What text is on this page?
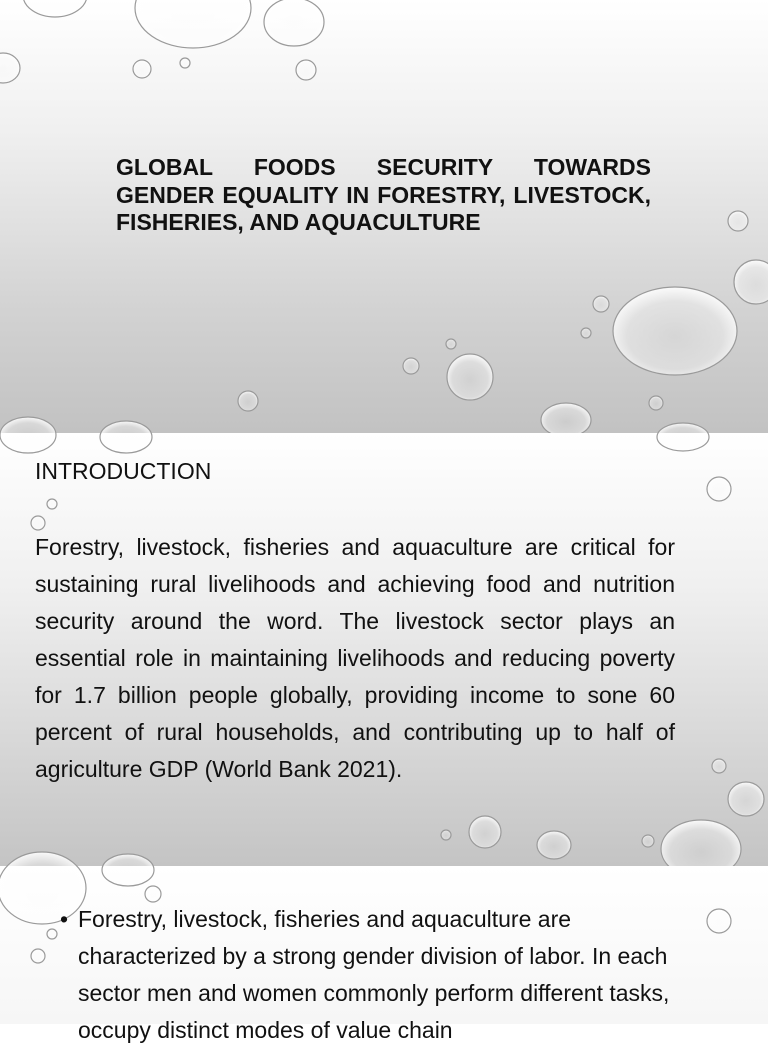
GLOBAL FOODS SECURITY TOWARDS GENDER EQUALITY IN FORESTRY, LIVESTOCK, FISHERIES, AND AQUACULTURE
INTRODUCTION

Forestry, livestock, fisheries and aquaculture are critical for sustaining rural livelihoods and achieving food and nutrition security around the word. The livestock sector plays an essential role in maintaining livelihoods and reducing poverty for 1.7 billion people globally, providing income to sone 60 percent of rural households, and contributing up to half of agriculture GDP (World Bank 2021).

• Forestry, livestock, fisheries and aquaculture are characterized by a strong gender division of labor. In each sector men and women commonly perform different tasks, occupy distinct modes of value chain
